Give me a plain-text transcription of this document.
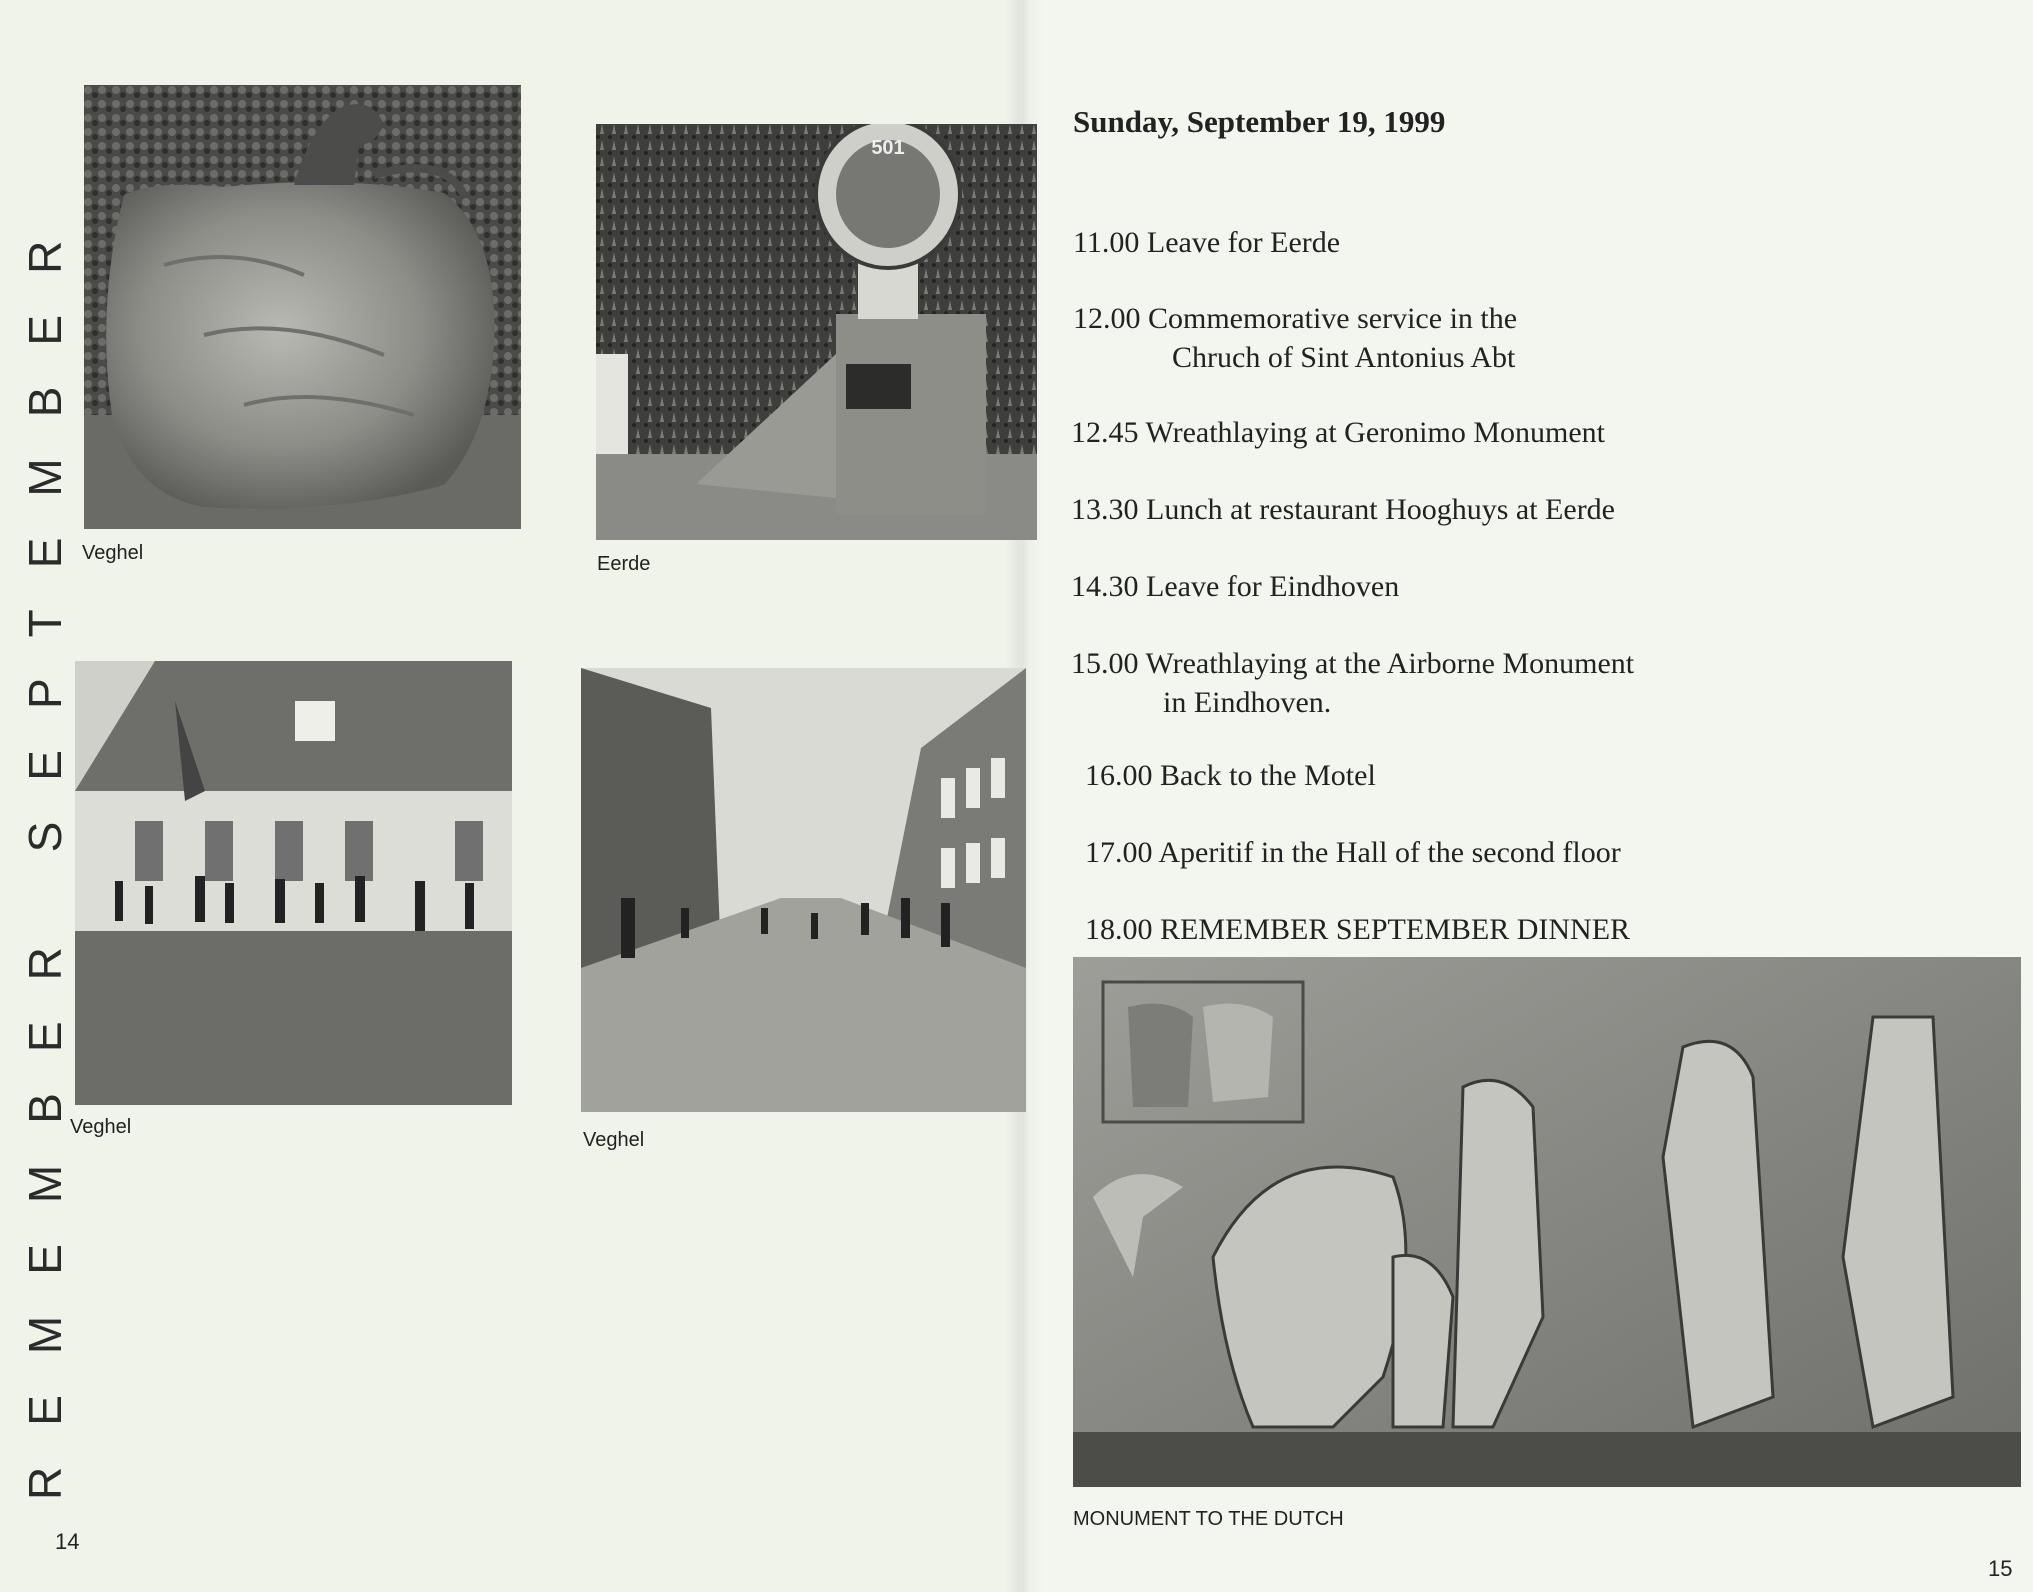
REMEMBER SEPTEMBER Veghel
501
Eerde
Veghel
Veghel
14
Sunday, September 19, 1999
11.00 Leave for Eerde
12.00 Commemorative service in the
Chruch of Sint Antonius Abt
12.45 Wreathlaying at Geronimo Monument
13.30 Lunch at restaurant Hooghuys at Eerde
14.30 Leave for Eindhoven
15.00 Wreathlaying at the Airborne Monument
in Eindhoven.
16.00 Back to the Motel
17.00 Aperitif in the Hall of the second floor
18.00 REMEMBER SEPTEMBER DINNER
MONUMENT TO THE DUTCH
15
